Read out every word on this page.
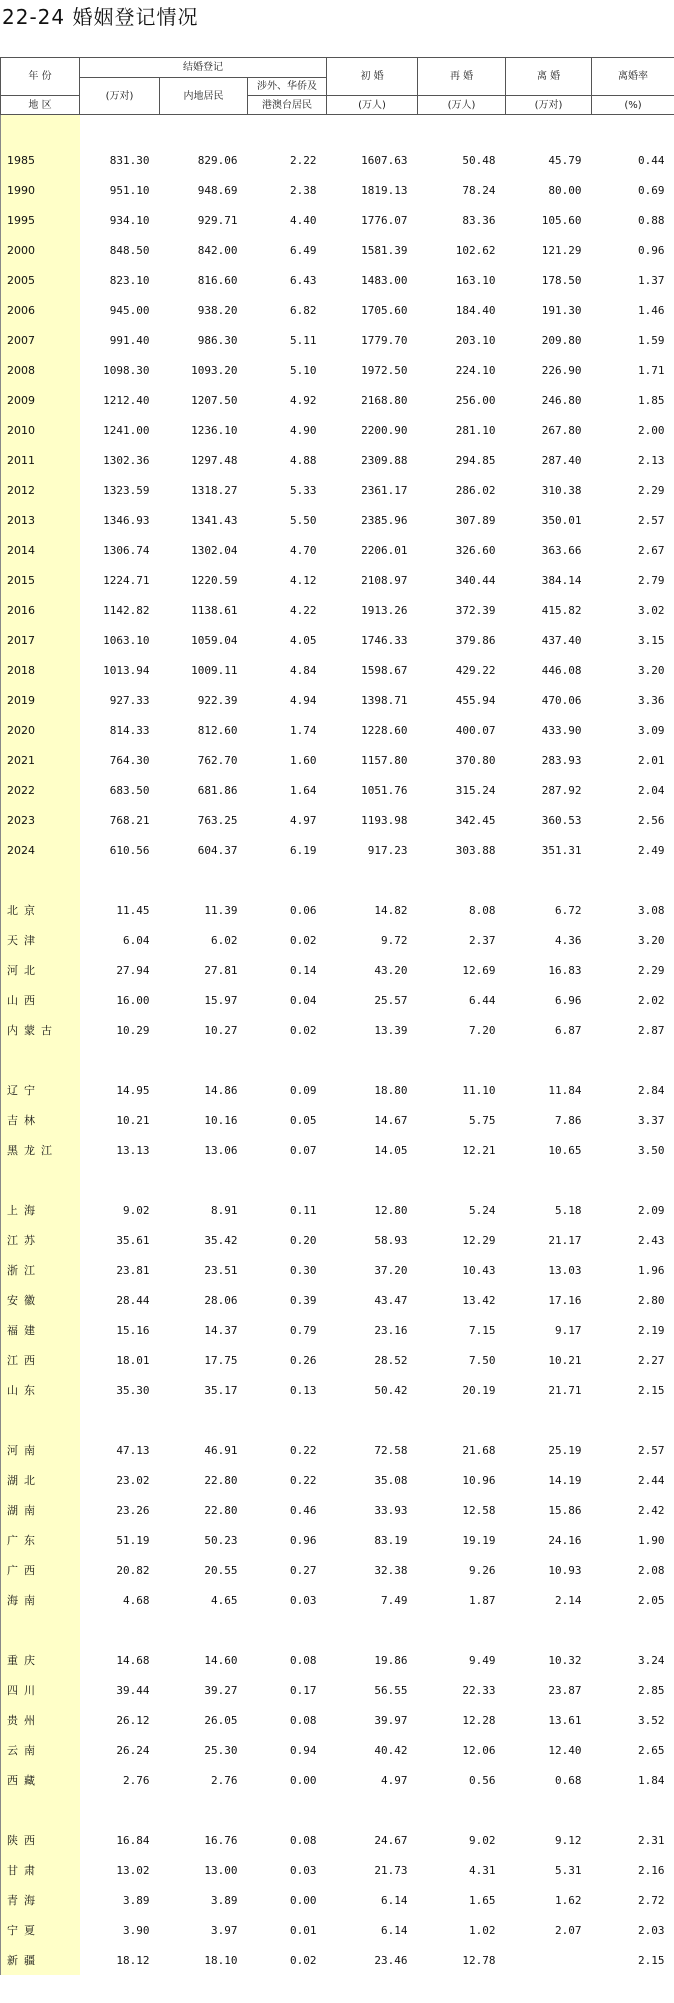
22-24 婚姻登记情况
年 份	结婚登记			初 婚	再 婚	离 婚	离婚率
	(万对)	内地居民	涉外、华侨及				
地 区			港澳台居民	(万人)	(万人)	(万对)	(%)

1985	831.30	829.06	2.22	1607.63	50.48	45.79	0.44
1990	951.10	948.69	2.38	1819.13	78.24	80.00	0.69
1995	934.10	929.71	4.40	1776.07	83.36	105.60	0.88
2000	848.50	842.00	6.49	1581.39	102.62	121.29	0.96
2005	823.10	816.60	6.43	1483.00	163.10	178.50	1.37
2006	945.00	938.20	6.82	1705.60	184.40	191.30	1.46
2007	991.40	986.30	5.11	1779.70	203.10	209.80	1.59
2008	1098.30	1093.20	5.10	1972.50	224.10	226.90	1.71
2009	1212.40	1207.50	4.92	2168.80	256.00	246.80	1.85
2010	1241.00	1236.10	4.90	2200.90	281.10	267.80	2.00
2011	1302.36	1297.48	4.88	2309.88	294.85	287.40	2.13
2012	1323.59	1318.27	5.33	2361.17	286.02	310.38	2.29
2013	1346.93	1341.43	5.50	2385.96	307.89	350.01	2.57
2014	1306.74	1302.04	4.70	2206.01	326.60	363.66	2.67
2015	1224.71	1220.59	4.12	2108.97	340.44	384.14	2.79
2016	1142.82	1138.61	4.22	1913.26	372.39	415.82	3.02
2017	1063.10	1059.04	4.05	1746.33	379.86	437.40	3.15
2018	1013.94	1009.11	4.84	1598.67	429.22	446.08	3.20
2019	927.33	922.39	4.94	1398.71	455.94	470.06	3.36
2020	814.33	812.60	1.74	1228.60	400.07	433.90	3.09
2021	764.30	762.70	1.60	1157.80	370.80	283.93	2.01
2022	683.50	681.86	1.64	1051.76	315.24	287.92	2.04
2023	768.21	763.25	4.97	1193.98	342.45	360.53	2.56
2024	610.56	604.37	6.19	917.23	303.88	351.31	2.49

北京	11.45	11.39	0.06	14.82	8.08	6.72	3.08
天津	6.04	6.02	0.02	9.72	2.37	4.36	3.20
河北	27.94	27.81	0.14	43.20	12.69	16.83	2.29
山西	16.00	15.97	0.04	25.57	6.44	6.96	2.02
内蒙古	10.29	10.27	0.02	13.39	7.20	6.87	2.87

辽宁	14.95	14.86	0.09	18.80	11.10	11.84	2.84
吉林	10.21	10.16	0.05	14.67	5.75	7.86	3.37
黑龙江	13.13	13.06	0.07	14.05	12.21	10.65	3.50

上海	9.02	8.91	0.11	12.80	5.24	5.18	2.09
江苏	35.61	35.42	0.20	58.93	12.29	21.17	2.43
浙江	23.81	23.51	0.30	37.20	10.43	13.03	1.96
安徽	28.44	28.06	0.39	43.47	13.42	17.16	2.80
福建	15.16	14.37	0.79	23.16	7.15	9.17	2.19
江西	18.01	17.75	0.26	28.52	7.50	10.21	2.27
山东	35.30	35.17	0.13	50.42	20.19	21.71	2.15

河南	47.13	46.91	0.22	72.58	21.68	25.19	2.57
湖北	23.02	22.80	0.22	35.08	10.96	14.19	2.44
湖南	23.26	22.80	0.46	33.93	12.58	15.86	2.42
广东	51.19	50.23	0.96	83.19	19.19	24.16	1.90
广西	20.82	20.55	0.27	32.38	9.26	10.93	2.08
海南	4.68	4.65	0.03	7.49	1.87	2.14	2.05

重庆	14.68	14.60	0.08	19.86	9.49	10.32	3.24
四川	39.44	39.27	0.17	56.55	22.33	23.87	2.85
贵州	26.12	26.05	0.08	39.97	12.28	13.61	3.52
云南	26.24	25.30	0.94	40.42	12.06	12.40	2.65
西藏	2.76	2.76	0.00	4.97	0.56	0.68	1.84

陕西	16.84	16.76	0.08	24.67	9.02	9.12	2.31
甘肃	13.02	13.00	0.03	21.73	4.31	5.31	2.16
青海	3.89	3.89	0.00	6.14	1.65	1.62	2.72
宁夏	3.90	3.97	0.01	6.14	1.02	2.07	2.03
新疆	18.12	18.10	0.02	23.46	12.78		2.15
